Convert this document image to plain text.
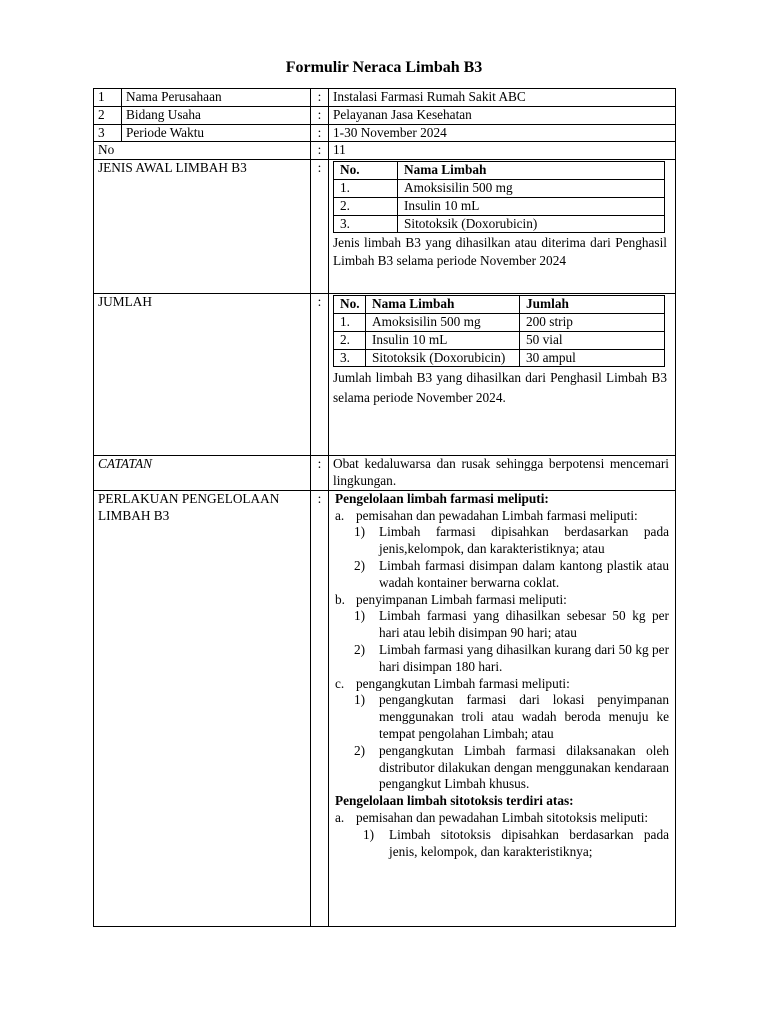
Formulir Neraca Limbah B3
1	Nama Perusahaan	:	Instalasi Farmasi Rumah Sakit ABC
2	Bidang Usaha	:	Pelayanan Jasa Kesehatan
3	Periode Waktu	:	1-30 November 2024
No	:	11
JENIS AWAL LIMBAH B3	:	No.	Nama Limbah
1.	Amoksisilin 500 mg
2.	Insulin 10 mL
3.	Sitotoksik (Doxorubicin)
Jenis limbah B3 yang dihasilkan atau diterima dari Penghasil Limbah B3 selama periode November 2024

JUMLAH	:	No.	Nama Limbah	Jumlah
1.	Amoksisilin 500 mg	200 strip
2.	Insulin 10 mL	50 vial
3.	Sitotoksik (Doxorubicin)	30 ampul
Jumlah limbah B3 yang dihasilkan dari Penghasil Limbah B3 selama periode November 2024.

CATATAN	:	Obat kedaluwarsa dan rusak sehingga berpotensi mencemari lingkungan.
PERLAKUAN PENGELOLAAN LIMBAH B3	:	Pengelolaan limbah farmasi meliputi:
a. pemisahan dan pewadahan Limbah farmasi meliputi:
1)	Limbah farmasi dipisahkan berdasarkan pada jenis,kelompok, dan karakteristiknya; atau
2)	Limbah farmasi disimpan dalam kantong plastik atau wadah kontainer berwarna coklat.
b. penyimpanan Limbah farmasi meliputi:
1)	Limbah farmasi yang dihasilkan sebesar 50 kg per hari atau lebih disimpan 90 hari; atau
2)	Limbah farmasi yang dihasilkan kurang dari 50 kg per hari disimpan 180 hari.
c. pengangkutan Limbah farmasi meliputi:
1)	pengangkutan farmasi dari lokasi penyimpanan menggunakan troli atau wadah beroda menuju ke tempat pengolahan Limbah; atau
2)	pengangkutan Limbah farmasi dilaksanakan oleh distributor dilakukan dengan menggunakan kendaraan pengangkut Limbah khusus.
Pengelolaan limbah sitotoksis terdiri atas:
a. pemisahan dan pewadahan Limbah sitotoksis meliputi:
1)	Limbah sitotoksis dipisahkan berdasarkan pada jenis, kelompok, dan karakteristiknya;
